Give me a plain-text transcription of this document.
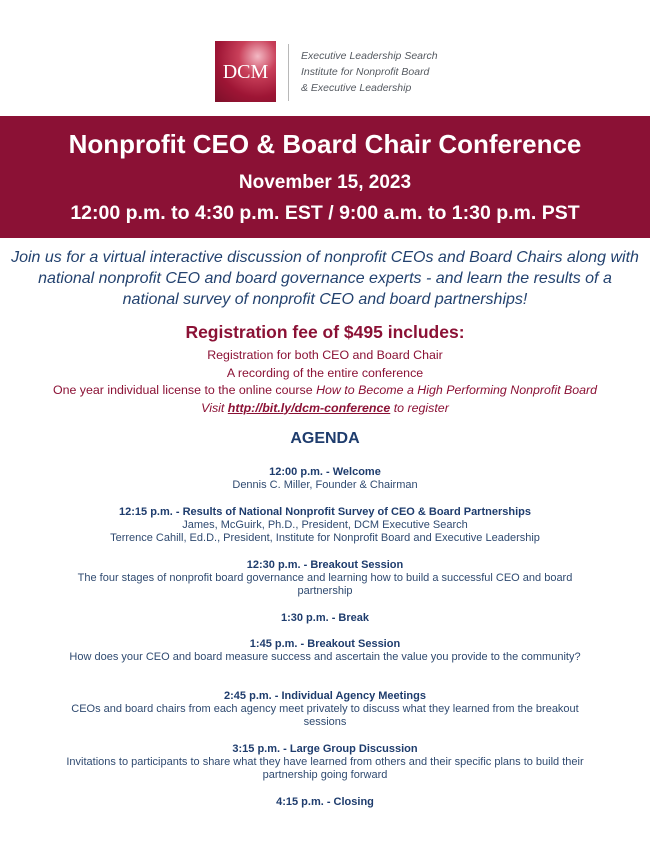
DCM
Executive Leadership Search
Institute for Nonprofit Board
& Executive Leadership
Nonprofit CEO & Board Chair Conference
November 15, 2023
12:00 p.m. to 4:30 p.m. EST / 9:00 a.m. to 1:30 p.m. PST
Join us for a virtual interactive discussion of nonprofit CEOs and Board Chairs along with national nonprofit CEO and board governance experts - and learn the results of a national survey of nonprofit CEO and board partnerships!
Registration fee of $495 includes:
Registration for both CEO and Board Chair
A recording of the entire conference
One year individual license to the online course How to Become a High Performing Nonprofit Board
Visit http://bit.ly/dcm-conference to register
AGENDA
12:00 p.m. - Welcome
Dennis C. Miller, Founder & Chairman
12:15 p.m. - Results of National Nonprofit Survey of CEO & Board Partnerships
James, McGuirk, Ph.D., President, DCM Executive Search
Terrence Cahill, Ed.D., President, Institute for Nonprofit Board and Executive Leadership
12:30 p.m. - Breakout Session
The four stages of nonprofit board governance and learning how to build a successful CEO and board partnership
1:30 p.m. - Break
1:45 p.m. - Breakout Session
How does your CEO and board measure success and ascertain the value you provide to the community?
2:45 p.m. - Individual Agency Meetings
CEOs and board chairs from each agency meet privately to discuss what they learned from the breakout sessions
3:15 p.m. - Large Group Discussion
Invitations to participants to share what they have learned from others and their specific plans to build their partnership going forward
4:15 p.m. - Closing
